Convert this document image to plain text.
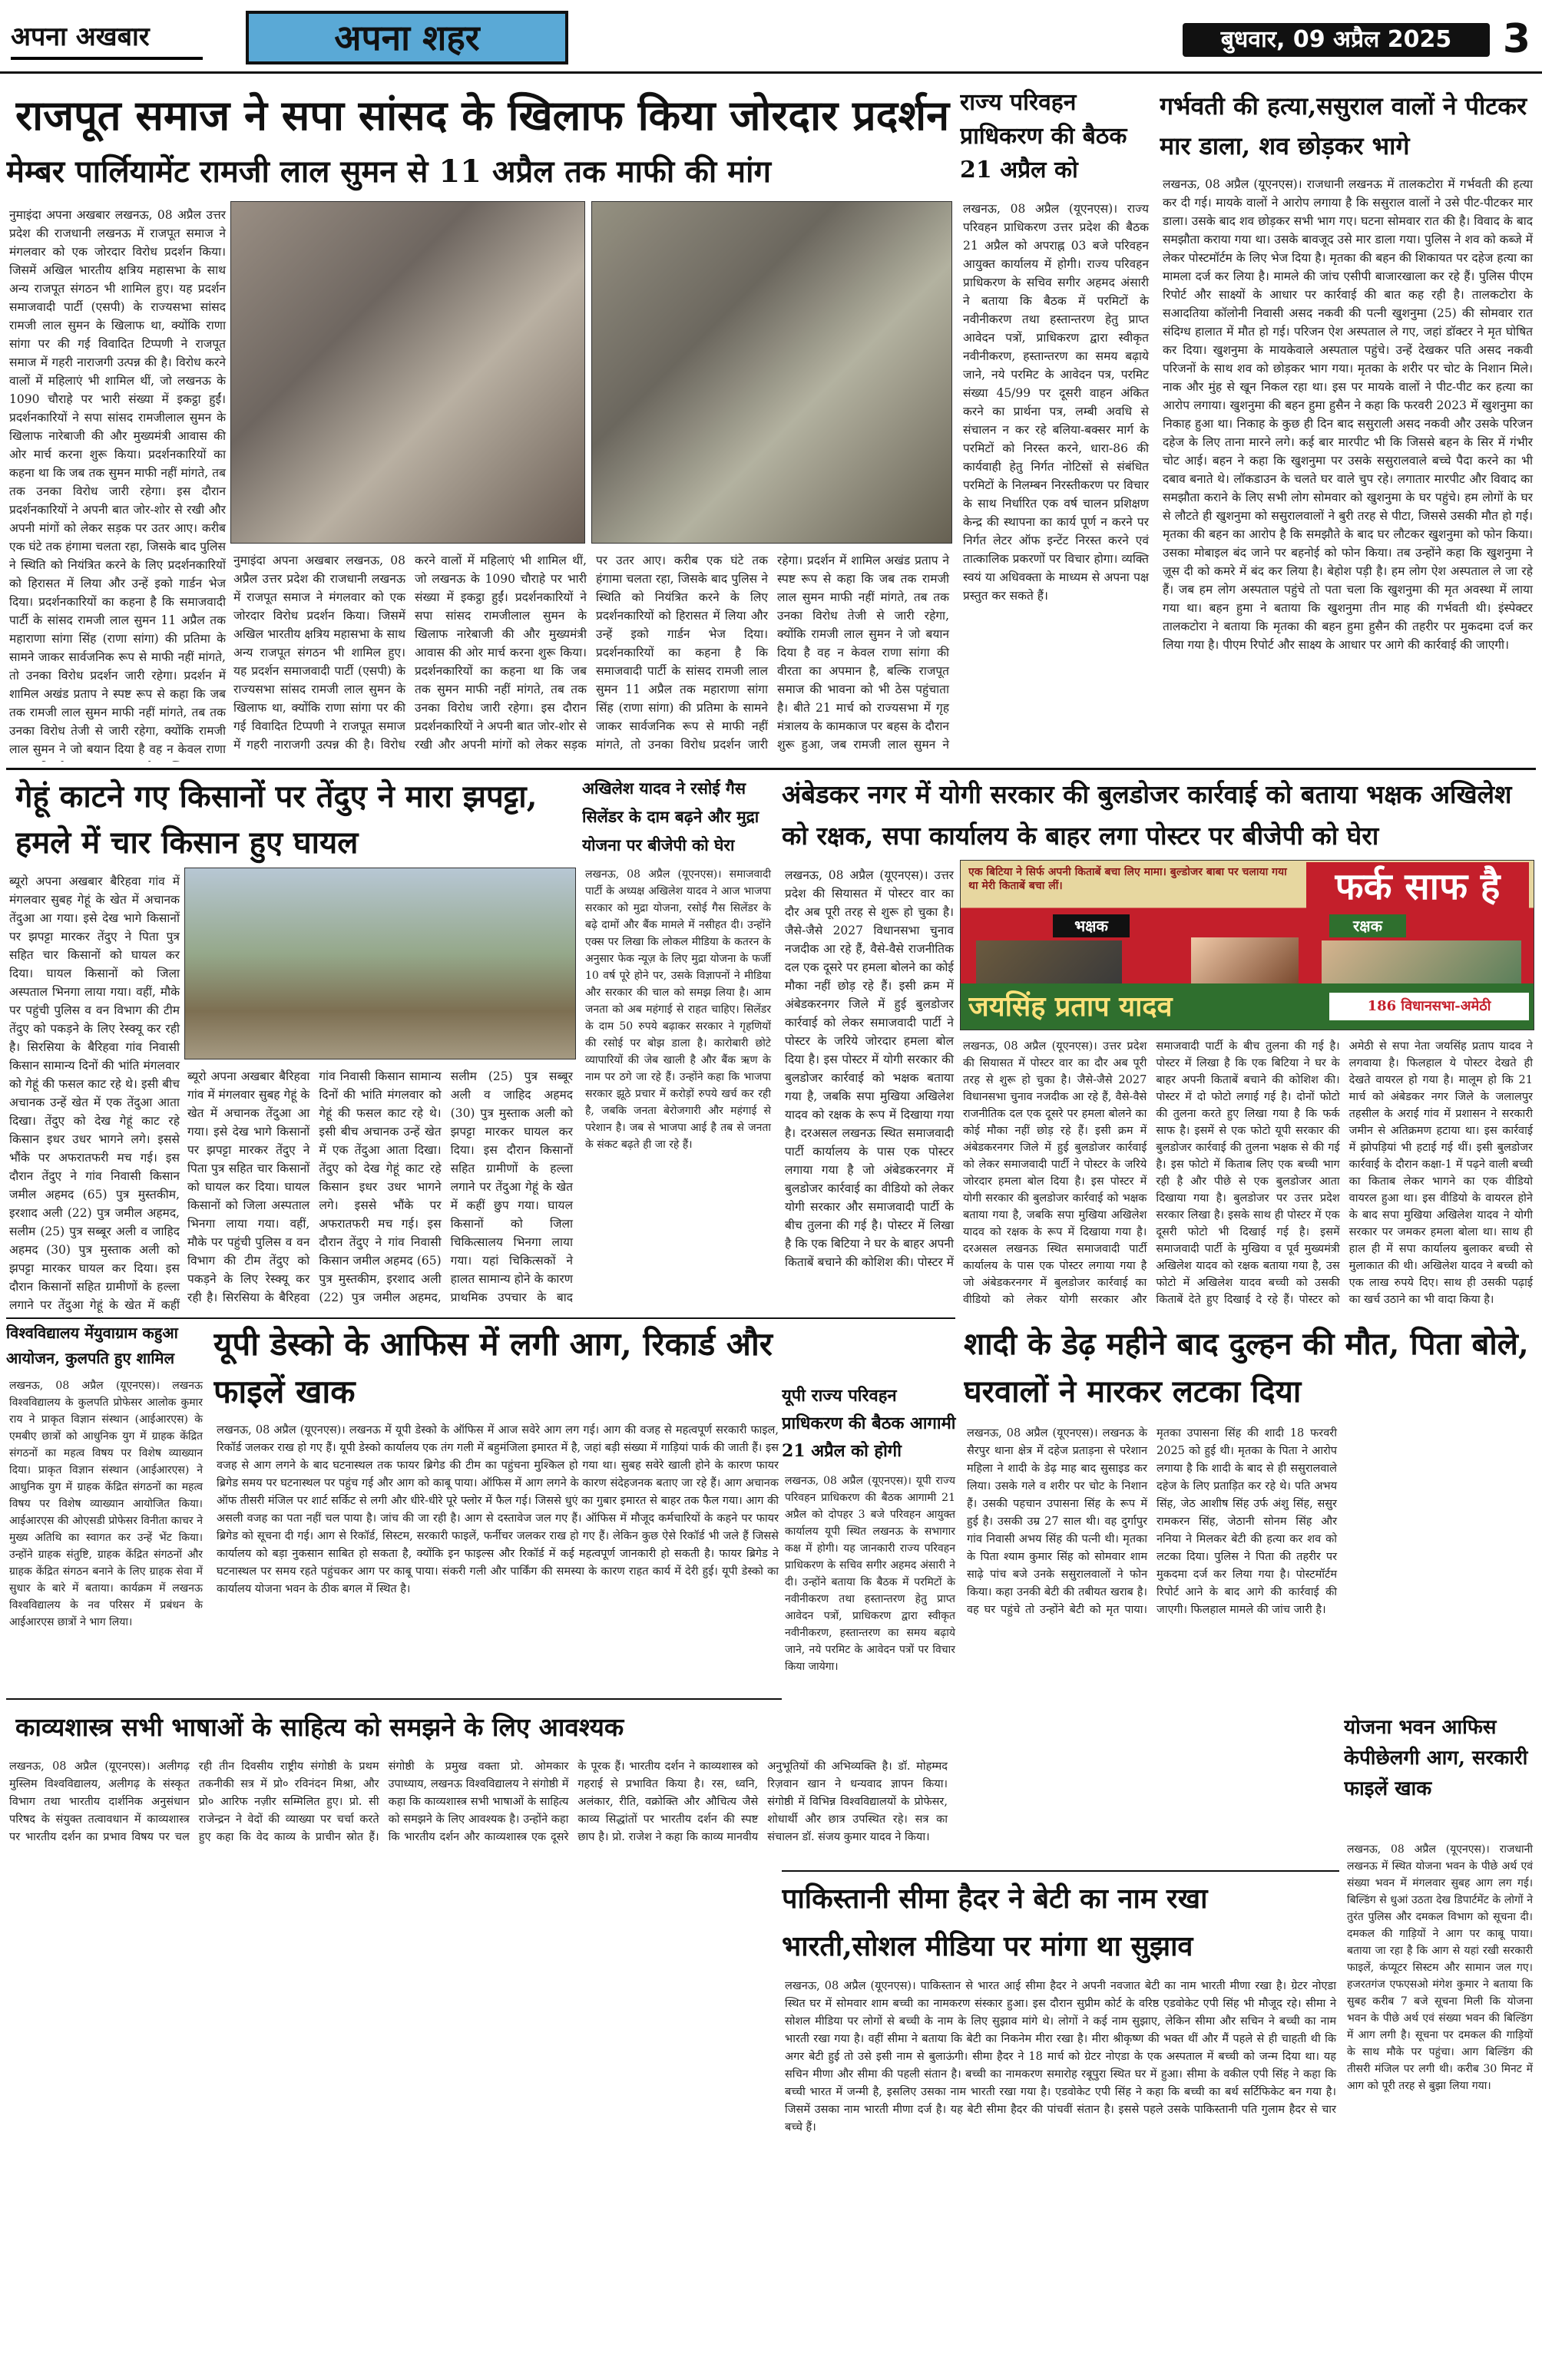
अपना अखबार	अपना शहर	बुधवार, 09 अप्रैल 2025	3
राजपूत समाज ने सपा सांसद के खिलाफ किया जोरदार प्रदर्शन
मेम्बर पार्लियामेंट रामजी लाल सुमन से 11 अप्रैल तक माफी की मांग
नुमाइंदा अपना अखबार लखनऊ, 08 अप्रैल उत्तर प्रदेश की राजधानी लखनऊ में राजपूत समाज ने मंगलवार को एक जोरदार विरोध प्रदर्शन किया। जिसमें अखिल भारतीय क्षत्रिय महासभा के साथ अन्य राजपूत संगठन भी शामिल हुए। यह प्रदर्शन समाजवादी पार्टी (एसपी) के राज्यसभा सांसद रामजी लाल सुमन के खिलाफ था, क्योंकि राणा सांगा पर की गई विवादित टिप्पणी ने राजपूत समाज में गहरी नाराजगी उत्पन्न की है। विरोध करने वालों में महिलाएं भी शामिल थीं, जो लखनऊ के 1090 चौराहे पर भारी संख्या में इकट्ठा हुईं। प्रदर्शनकारियों ने सपा सांसद रामजीलाल सुमन के खिलाफ नारेबाजी की और मुख्यमंत्री आवास की ओर मार्च करना शुरू किया। प्रदर्शनकारियों का कहना था कि जब तक सुमन माफी नहीं मांगते, तब तक उनका विरोध जारी रहेगा। इस दौरान प्रदर्शनकारियों ने अपनी बात जोर-शोर से रखी और अपनी मांगों को लेकर सड़क पर उतर आए। करीब एक घंटे तक हंगामा चलता रहा, जिसके बाद पुलिस ने स्थिति को नियंत्रित करने के लिए प्रदर्शनकारियों को हिरासत में लिया और उन्हें इको गार्डन भेज दिया। प्रदर्शनकारियों का कहना है कि समाजवादी पार्टी के सांसद रामजी लाल सुमन 11 अप्रैल तक महाराणा सांगा सिंह (राणा सांगा) की प्रतिमा के सामने जाकर सार्वजनिक रूप से माफी नहीं मांगते, तो उनका विरोध प्रदर्शन जारी रहेगा। प्रदर्शन में शामिल अखंड प्रताप ने स्पष्ट रूप से कहा कि जब तक रामजी लाल सुमन माफी नहीं मांगते, तब तक उनका विरोध तेजी से जारी रहेगा, क्योंकि रामजी लाल सुमन ने जो बयान दिया है वह न केवल राणा
नुमाइंदा अपना अखबार लखनऊ, 08 अप्रैल उत्तर प्रदेश की राजधानी लखनऊ में राजपूत समाज ने मंगलवार को एक जोरदार विरोध प्रदर्शन किया। जिसमें अखिल भारतीय क्षत्रिय महासभा के साथ अन्य राजपूत संगठन भी शामिल हुए। यह प्रदर्शन समाजवादी पार्टी (एसपी) के राज्यसभा सांसद रामजी लाल सुमन के खिलाफ था, क्योंकि राणा सांगा पर की गई विवादित टिप्पणी ने राजपूत समाज में गहरी नाराजगी उत्पन्न की है। विरोध करने वालों में महिलाएं भी शामिल थीं, जो लखनऊ के 1090 चौराहे पर भारी संख्या में इकट्ठा हुईं। प्रदर्शनकारियों ने सपा सांसद रामजीलाल सुमन के खिलाफ नारेबाजी की और मुख्यमंत्री आवास की ओर मार्च करना शुरू किया। प्रदर्शनकारियों का कहना था कि जब तक सुमन माफी नहीं मांगते, तब तक उनका विरोध जारी रहेगा। इस दौरान प्रदर्शनकारियों ने अपनी बात जोर-शोर से रखी और अपनी मांगों को लेकर सड़क पर उतर आए। करीब एक घंटे तक हंगामा चलता रहा, जिसके बाद पुलिस ने स्थिति को नियंत्रित करने के लिए प्रदर्शनकारियों को हिरासत में लिया और उन्हें इको गार्डन भेज दिया। प्रदर्शनकारियों का कहना है कि समाजवादी पार्टी के सांसद रामजी लाल सुमन 11 अप्रैल तक महाराणा सांगा सिंह (राणा सांगा) की प्रतिमा के सामने जाकर सार्वजनिक रूप से माफी नहीं मांगते, तो उनका विरोध प्रदर्शन जारी रहेगा। प्रदर्शन में शामिल अखंड प्रताप ने स्पष्ट रूप से कहा कि जब तक रामजी लाल सुमन माफी नहीं मांगते, तब तक उनका विरोध तेजी से जारी रहेगा, क्योंकि रामजी लाल सुमन ने जो बयान दिया है वह न केवल राणा सांगा की वीरता का अपमान है, बल्कि राजपूत समाज की भावना को भी ठेस पहुंचाता है। बीते 21 मार्च को राज्यसभा में गृह मंत्रालय के कामकाज पर बहस के दौरान शुरू हुआ, जब रामजी लाल सुमन ने
राज्य परिवहन प्राधिकरण की बैठक 21 अप्रैल को
लखनऊ, 08 अप्रैल (यूएनएस)। राज्य परिवहन प्राधिकरण उत्तर प्रदेश की बैठक 21 अप्रैल को अपराह्न 03 बजे परिवहन आयुक्त कार्यालय में होगी। राज्य परिवहन प्राधिकरण के सचिव सगीर अहमद अंसारी ने बताया कि बैठक में परमिटों के नवीनीकरण तथा हस्तान्तरण हेतु प्राप्त आवेदन पत्रों, प्राधिकरण द्वारा स्वीकृत नवीनीकरण, हस्तान्तरण का समय बढ़ाये जाने, नये परमिट के आवेदन पत्र, परमिट संख्या 45/99 पर दूसरी वाहन अंकित करने का प्रार्थना पत्र, लम्बी अवधि से संचालन न कर रहे बलिया-बक्सर मार्ग के परमिटों को निरस्त करने, धारा-86 की कार्यवाही हेतु निर्गत नोटिसों से संबंधित परमिटों के निलम्बन निरस्तीकरण पर विचार के साथ निर्धारित एक वर्ष चालन प्रशिक्षण केन्द्र की स्थापना का कार्य पूर्ण न करने पर निर्गत लेटर ऑफ इन्टेंट निरस्त करने एवं तात्कालिक प्रकरणों पर विचार होगा। व्यक्ति स्वयं या अधिवक्ता के माध्यम से अपना पक्ष प्रस्तुत कर सकते हैं।
गर्भवती की हत्या,ससुराल वालों ने पीटकर मार डाला, शव छोड़कर भागे
लखनऊ, 08 अप्रैल (यूएनएस)। राजधानी लखनऊ में तालकटोरा में गर्भवती की हत्या कर दी गई। मायके वालों ने आरोप लगाया है कि ससुराल वालों ने उसे पीट-पीटकर मार डाला। उसके बाद शव छोड़कर सभी भाग गए। घटना सोमवार रात की है। विवाद के बाद समझौता कराया गया था। उसके बावजूद उसे मार डाला गया। पुलिस ने शव को कब्जे में लेकर पोस्टमॉर्टम के लिए भेज दिया है। मृतका की बहन की शिकायत पर दहेज हत्या का मामला दर्ज कर लिया है। मामले की जांच एसीपी बाजारखाला कर रहे हैं। पुलिस पीएम रिपोर्ट और साक्ष्यों के आधार पर कार्रवाई की बात कह रही है। तालकटोरा के सआदतिया कॉलोनी निवासी असद नकवी की पत्नी खुशनुमा (25) की सोमवार रात संदिग्ध हालात में मौत हो गई। परिजन ऐश अस्पताल ले गए, जहां डॉक्टर ने मृत घोषित कर दिया। खुशनुमा के मायकेवाले अस्पताल पहुंचे। उन्हें देखकर पति असद नकवी परिजनों के साथ शव को छोड़कर भाग गया। मृतका के शरीर पर चोट के निशान मिले। नाक और मुंह से खून निकल रहा था। इस पर मायके वालों ने पीट-पीट कर हत्या का आरोप लगाया। खुशनुमा की बहन हुमा हुसैन ने कहा कि फरवरी 2023 में खुशनुमा का निकाह हुआ था। निकाह के कुछ ही दिन बाद ससुराली असद नकवी और उसके परिजन दहेज के लिए ताना मारने लगे। कई बार मारपीट भी कि जिससे बहन के सिर में गंभीर चोट आई। बहन ने कहा कि खुशनुमा पर उसके ससुरालवाले बच्चे पैदा करने का भी दबाव बनाते थे। लॉकडाउन के चलते घर वाले चुप रहे। लगातार मारपीट और विवाद का समझौता कराने के लिए सभी लोग सोमवार को खुशनुमा के घर पहुंचे। हम लोगों के घर से लौटते ही खुशनुमा को ससुरालवालों ने बुरी तरह से पीटा, जिससे उसकी मौत हो गई। मृतका की बहन का आरोप है कि समझौते के बाद घर लौटकर खुशनुमा को फोन किया। उसका मोबाइल बंद जाने पर बहनोई को फोन किया। तब उन्होंने कहा कि खुशनुमा ने ज़ूस दी को कमरे में बंद कर लिया है। बेहोश पड़ी है। हम लोग ऐश अस्पताल ले जा रहे हैं। जब हम लोग अस्पताल पहुंचे तो पता चला कि खुशनुमा की मृत अवस्था में लाया गया था। बहन हुमा ने बताया कि खुशनुमा तीन माह की गर्भवती थी। इंस्पेक्टर तालकटोरा ने बताया कि मृतका की बहन हुमा हुसैन की तहरीर पर मुकदमा दर्ज कर लिया गया है। पीएम रिपोर्ट और साक्ष्य के आधार पर आगे की कार्रवाई की जाएगी।
गेहूं काटने गए किसानों पर तेंदुए ने मारा झपट्टा, हमले में चार किसान हुए घायल
ब्यूरो अपना अखबार बैरिहवा गांव में मंगलवार सुबह गेहूं के खेत में अचानक तेंदुआ आ गया। इसे देख भागे किसानों पर झपट्टा मारकर तेंदुए ने पिता पुत्र सहित चार किसानों को घायल कर दिया। घायल किसानों को जिला अस्पताल भिनगा लाया गया। वहीं, मौके पर पहुंची पुलिस व वन विभाग की टीम तेंदुए को पकड़ने के लिए रेस्क्यू कर रही है। सिरसिया के बैरिहवा गांव निवासी किसान सामान्य दिनों की भांति मंगलवार को गेहूं की फसल काट रहे थे। इसी बीच अचानक उन्हें खेत में एक तेंदुआ आता दिखा। तेंदुए को देख गेहूं काट रहे किसान इधर उधर भागने लगे। इससे भौंके पर अफरातफरी मच गई। इस दौरान तेंदुए ने गांव निवासी किसान जमील अहमद (65) पुत्र मुस्तकीम, इरशाद अली (22) पुत्र जमील अहमद, सलीम (25) पुत्र सब्बूर अली व जाहिद अहमद (30) पुत्र मुस्ताक अली को झपट्टा मारकर घायल कर दिया। इस दौरान किसानों सहित ग्रामीणों के हल्ला लगाने पर तेंदुआ गेहूं के खेत में कहीं
ब्यूरो अपना अखबार बैरिहवा गांव में मंगलवार सुबह गेहूं के खेत में अचानक तेंदुआ आ गया। इसे देख भागे किसानों पर झपट्टा मारकर तेंदुए ने पिता पुत्र सहित चार किसानों को घायल कर दिया। घायल किसानों को जिला अस्पताल भिनगा लाया गया। वहीं, मौके पर पहुंची पुलिस व वन विभाग की टीम तेंदुए को पकड़ने के लिए रेस्क्यू कर रही है। सिरसिया के बैरिहवा गांव निवासी किसान सामान्य दिनों की भांति मंगलवार को गेहूं की फसल काट रहे थे। इसी बीच अचानक उन्हें खेत में एक तेंदुआ आता दिखा। तेंदुए को देख गेहूं काट रहे किसान इधर उधर भागने लगे। इससे भौंके पर अफरातफरी मच गई। इस दौरान तेंदुए ने गांव निवासी किसान जमील अहमद (65) पुत्र मुस्तकीम, इरशाद अली (22) पुत्र जमील अहमद, सलीम (25) पुत्र सब्बूर अली व जाहिद अहमद (30) पुत्र मुस्ताक अली को झपट्टा मारकर घायल कर दिया। इस दौरान किसानों सहित ग्रामीणों के हल्ला लगाने पर तेंदुआ गेहूं के खेत में कहीं छुप गया। घायल किसानों को जिला चिकित्सालय भिनगा लाया गया। यहां चिकित्सकों ने हालत सामान्य होने के कारण प्राथमिक उपचार के बाद
अखिलेश यादव ने रसोई गैस सिलेंडर के दाम बढ़ने और मुद्रा योजना पर बीजेपी को घेरा
लखनऊ, 08 अप्रैल (यूएनएस)। समाजवादी पार्टी के अध्यक्ष अखिलेश यादव ने आज भाजपा सरकार को मुद्रा योजना, रसोई गैस सिलेंडर के बढ़े दामों और बैंक मामले में नसीहत दी। उन्होंने एक्स पर लिखा कि लोकल मीडिया के कतरन के अनुसार फेक न्यूज़ के लिए मुद्रा योजना के फर्जी 10 वर्ष पूरे होने पर, उसके विज्ञापनों ने मीडिया और सरकार की चाल को समझ लिया है। आम जनता को अब महंगाई से राहत चाहिए। सिलेंडर के दाम 50 रुपये बढ़ाकर सरकार ने गृहणियों की रसोई पर बोझ डाला है। कारोबारी छोटे व्यापारियों की जेब खाली है और बैंक ऋण के नाम पर ठगे जा रहे हैं। उन्होंने कहा कि भाजपा सरकार झूठे प्रचार में करोड़ों रुपये खर्च कर रही है, जबकि जनता बेरोजगारी और महंगाई से परेशान है। जब से भाजपा आई है तब से जनता के संकट बढ़ते ही जा रहे हैं।
अंबेडकर नगर में योगी सरकार की बुलडोजर कार्रवाई को बताया भक्षक अखिलेश को रक्षक, सपा कार्यालय के बाहर लगा पोस्टर पर बीजेपी को घेरा
लखनऊ, 08 अप्रैल (यूएनएस)। उत्तर प्रदेश की सियासत में पोस्टर वार का दौर अब पूरी तरह से शुरू हो चुका है। जैसे-जैसे 2027 विधानसभा चुनाव नजदीक आ रहे हैं, वैसे-वैसे राजनीतिक दल एक दूसरे पर हमला बोलने का कोई मौका नहीं छोड़ रहे हैं। इसी क्रम में अंबेडकरनगर जिले में हुई बुलडोजर कार्रवाई को लेकर समाजवादी पार्टी ने पोस्टर के जरिये जोरदार हमला बोल दिया है। इस पोस्टर में योगी सरकार की बुलडोजर कार्रवाई को भक्षक बताया गया है, जबकि सपा मुखिया अखिलेश यादव को रक्षक के रूप में दिखाया गया है। दरअसल लखनऊ स्थित समाजवादी पार्टी कार्यालय के पास एक पोस्टर लगाया गया है जो अंबेडकरनगर में बुलडोजर कार्रवाई का वीडियो को लेकर योगी सरकार और समाजवादी पार्टी के बीच तुलना की गई है। पोस्टर में लिखा है कि एक बिटिया ने घर के बाहर अपनी किताबें बचाने की कोशिश की। पोस्टर में
एक बिटिया ने सिर्फ अपनी किताबें बचा लिए मामा। बुल्डोजर बाबा पर चलाया गया था मेरी किताबें बचा लीं।	फर्क साफ है
भक्षक	रक्षक
जयसिंह प्रताप यादव	186 विधानसभा-अमेठी
लखनऊ, 08 अप्रैल (यूएनएस)। उत्तर प्रदेश की सियासत में पोस्टर वार का दौर अब पूरी तरह से शुरू हो चुका है। जैसे-जैसे 2027 विधानसभा चुनाव नजदीक आ रहे हैं, वैसे-वैसे राजनीतिक दल एक दूसरे पर हमला बोलने का कोई मौका नहीं छोड़ रहे हैं। इसी क्रम में अंबेडकरनगर जिले में हुई बुलडोजर कार्रवाई को लेकर समाजवादी पार्टी ने पोस्टर के जरिये जोरदार हमला बोल दिया है। इस पोस्टर में योगी सरकार की बुलडोजर कार्रवाई को भक्षक बताया गया है, जबकि सपा मुखिया अखिलेश यादव को रक्षक के रूप में दिखाया गया है। दरअसल लखनऊ स्थित समाजवादी पार्टी कार्यालय के पास एक पोस्टर लगाया गया है जो अंबेडकरनगर में बुलडोजर कार्रवाई का वीडियो को लेकर योगी सरकार और समाजवादी पार्टी के बीच तुलना की गई है। पोस्टर में लिखा है कि एक बिटिया ने घर के बाहर अपनी किताबें बचाने की कोशिश की। पोस्टर में दो फोटो लगाई गई है। दोनों फोटो की तुलना करते हुए लिखा गया है कि फर्क साफ है। इसमें से एक फोटो यूपी सरकार की बुलडोजर कार्रवाई की तुलना भक्षक से की गई है। इस फोटो में किताब लिए एक बच्ची भाग रही है और पीछे से एक बुलडोजर आता दिखाया गया है। बुलडोजर पर उत्तर प्रदेश सरकार लिखा है। इसके साथ ही पोस्टर में एक दूसरी फोटो भी दिखाई गई है। इसमें समाजवादी पार्टी के मुखिया व पूर्व मुख्यमंत्री अखिलेश यादव को रक्षक बताया गया है, उस फोटो में अखिलेश यादव बच्ची को उसकी किताबें देते हुए दिखाई दे रहे हैं। पोस्टर को अमेठी से सपा नेता जयसिंह प्रताप यादव ने लगवाया है। फिलहाल ये पोस्टर देखते ही देखते वायरल हो गया है। मालूम हो कि 21 मार्च को अंबेडकर नगर जिले के जलालपुर तहसील के अराई गांव में प्रशासन ने सरकारी जमीन से अतिक्रमण हटाया था। इस कार्रवाई में झोपड़ियां भी हटाई गई थीं। इसी बुलडोजर कार्रवाई के दौरान कक्षा-1 में पढ़ने वाली बच्ची का किताब लेकर भागने का एक वीडियो वायरल हुआ था। इस वीडियो के वायरल होने के बाद सपा मुखिया अखिलेश यादव ने योगी सरकार पर जमकर हमला बोला था। साथ ही हाल ही में सपा कार्यालय बुलाकर बच्ची से मुलाकात की थी। अखिलेश यादव ने बच्ची को एक लाख रुपये दिए। साथ ही उसकी पढ़ाई का खर्च उठाने का भी वादा किया है।
विश्वविद्यालय मेंयुवाग्राम कहुआ आयोजन, कुलपति हुए शामिल
लखनऊ, 08 अप्रैल (यूएनएस)। लखनऊ विश्वविद्यालय के कुलपति प्रोफेसर आलोक कुमार राय ने प्राकृत विज्ञान संस्थान (आईआरएस) के एमबीए छात्रों को आधुनिक युग में ग्राहक केंद्रित संगठनों का महत्व विषय पर विशेष व्याख्यान दिया। प्राकृत विज्ञान संस्थान (आईआरएस) ने आधुनिक युग में ग्राहक केंद्रित संगठनों का महत्व विषय पर विशेष व्याख्यान आयोजित किया। आईआरएस की ओएसडी प्रोफेसर विनीता काचर ने मुख्य अतिथि का स्वागत कर उन्हें भेंट किया। उन्होंने ग्राहक संतुष्टि, ग्राहक केंद्रित संगठनों और ग्राहक केंद्रित संगठन बनाने के लिए ग्राहक सेवा में सुधार के बारे में बताया। कार्यक्रम में लखनऊ विश्वविद्यालय के नव परिसर में प्रबंधन के आईआरएस छात्रों ने भाग लिया।
यूपी डेस्को के आफिस में लगी आग, रिकार्ड और फाइलें खाक
लखनऊ, 08 अप्रैल (यूएनएस)। लखनऊ में यूपी डेस्को के ऑफिस में आज सवेरे आग लग गई। आग की वजह से महत्वपूर्ण सरकारी फाइल, रिकॉर्ड जलकर राख हो गए हैं। यूपी डेस्को कार्यालय एक तंग गली में बहुमंजिला इमारत में है, जहां बड़ी संख्या में गाड़ियां पार्क की जाती हैं। इस वजह से आग लगने के बाद घटनास्थल तक फायर ब्रिगेड की टीम का पहुंचना मुश्किल हो गया था। सुबह सवेरे खाली होने के कारण फायर ब्रिगेड समय पर घटनास्थल पर पहुंच गई और आग को काबू पाया। ऑफिस में आग लगने के कारण संदेहजनक बताए जा रहे हैं। आग अचानक ऑफ तीसरी मंजिल पर शार्ट सर्किट से लगी और धीरे-धीरे पूरे फ्लोर में फैल गई। जिससे धुएं का गुबार इमारत से बाहर तक फैल गया। आग की असली वजह का पता नहीं चल पाया है। जांच की जा रही है। आग से दस्तावेज जल गए हैं। ऑफिस में मौजूद कर्मचारियों के कहने पर फायर ब्रिगेड को सूचना दी गई। आग से रिकॉर्ड, सिस्टम, सरकारी फाइलें, फर्नीचर जलकर राख हो गए हैं। लेकिन कुछ ऐसे रिकॉर्ड भी जले हैं जिससे कार्यालय को बड़ा नुकसान साबित हो सकता है, क्योंकि इन फाइल्स और रिकॉर्ड में कई महत्वपूर्ण जानकारी हो सकती है। फायर ब्रिगेड ने घटनास्थल पर समय रहते पहुंचकर आग पर काबू पाया। संकरी गली और पार्किंग की समस्या के कारण राहत कार्य में देरी हुई। यूपी डेस्को का कार्यालय योजना भवन के ठीक बगल में स्थित है।
यूपी राज्य परिवहन प्राधिकरण की बैठक आगामी 21 अप्रैल को होगी
लखनऊ, 08 अप्रैल (यूएनएस)। यूपी राज्य परिवहन प्राधिकरण की बैठक आगामी 21 अप्रैल को दोपहर 3 बजे परिवहन आयुक्त कार्यालय यूपी स्थित लखनऊ के सभागार कक्ष में होगी। यह जानकारी राज्य परिवहन प्राधिकरण के सचिव सगीर अहमद अंसारी ने दी। उन्होंने बताया कि बैठक में परमिटों के नवीनीकरण तथा हस्तान्तरण हेतु प्राप्त आवेदन पत्रों, प्राधिकरण द्वारा स्वीकृत नवीनीकरण, हस्तान्तरण का समय बढ़ाये जाने, नये परमिट के आवेदन पत्रों पर विचार किया जायेगा।
शादी के डेढ़ महीने बाद दुल्हन की मौत, पिता बोले, घरवालों ने मारकर लटका दिया
लखनऊ, 08 अप्रैल (यूएनएस)। लखनऊ के सैरपुर थाना क्षेत्र में दहेज प्रताड़ना से परेशान महिला ने शादी के डेढ़ माह बाद सुसाइड कर लिया। उसके गले व शरीर पर चोट के निशान हैं। उसकी पहचान उपासना सिंह के रूप में हुई है। उसकी उम्र 27 साल थी। वह दुर्गापुर गांव निवासी अभय सिंह की पत्नी थी। मृतका के पिता श्याम कुमार सिंह को सोमवार शाम साढ़े पांच बजे उनके ससुरालवालों ने फोन किया। कहा उनकी बेटी की तबीयत खराब है। वह घर पहुंचे तो उन्होंने बेटी को मृत पाया। मृतका उपासना सिंह की शादी 18 फरवरी 2025 को हुई थी। मृतका के पिता ने आरोप लगाया है कि शादी के बाद से ही ससुरालवाले दहेज के लिए प्रताड़ित कर रहे थे। पति अभय सिंह, जेठ आशीष सिंह उर्फ अंशु सिंह, ससुर रामकरन सिंह, जेठानी सोनम सिंह और ननिया ने मिलकर बेटी की हत्या कर शव को लटका दिया। पुलिस ने पिता की तहरीर पर मुकदमा दर्ज कर लिया गया है। पोस्टमॉर्टम रिपोर्ट आने के बाद आगे की कार्रवाई की जाएगी। फिलहाल मामले की जांच जारी है।
योजना भवन आफिस केपीछेलगी आग, सरकारी फाइलें खाक
लखनऊ, 08 अप्रैल (यूएनएस)। राजधानी लखनऊ में स्थित योजना भवन के पीछे अर्थ एवं संख्या भवन में मंगलवार सुबह आग लग गई। बिल्डिंग से धुआं उठता देख डिपार्टमेंट के लोगों ने तुरंत पुलिस और दमकल विभाग को सूचना दी। दमकल की गाड़ियों ने आग पर काबू पाया। बताया जा रहा है कि आग से यहां रखी सरकारी फाइलें, कंप्यूटर सिस्टम और सामान जल गए। हजरतगंज एफएसओ मंगेश कुमार ने बताया कि सुबह करीब 7 बजे सूचना मिली कि योजना भवन के पीछे अर्थ एवं संख्या भवन की बिल्डिंग में आग लगी है। सूचना पर दमकल की गाड़ियों के साथ मौके पर पहुंचा। आग बिल्डिंग की तीसरी मंजिल पर लगी थी। करीब 30 मिनट में आग को पूरी तरह से बुझा लिया गया।
काव्यशास्त्र सभी भाषाओं के साहित्य को समझने के लिए आवश्यक
लखनऊ, 08 अप्रैल (यूएनएस)। अलीगढ़ मुस्लिम विश्वविद्यालय, अलीगढ़ के संस्कृत विभाग तथा भारतीय दार्शनिक अनुसंधान परिषद के संयुक्त तत्वावधान में काव्यशास्त्र पर भारतीय दर्शन का प्रभाव विषय पर चल रही तीन दिवसीय राष्ट्रीय संगोष्ठी के प्रथम तकनीकी सत्र में प्रो० रविनंदन मिश्रा, और प्रो० आरिफ नज़ीर सम्मिलित हुए। प्रो. सी राजेन्द्रन ने वेदों की व्याख्या पर चर्चा करते हुए कहा कि वेद काव्य के प्राचीन स्रोत हैं। संगोष्ठी के प्रमुख वक्ता प्रो. ओमकार उपाध्याय, लखनऊ विश्वविद्यालय ने संगोष्ठी में कहा कि काव्यशास्त्र सभी भाषाओं के साहित्य को समझने के लिए आवश्यक है। उन्होंने कहा कि भारतीय दर्शन और काव्यशास्त्र एक दूसरे के पूरक हैं। भारतीय दर्शन ने काव्यशास्त्र को गहराई से प्रभावित किया है। रस, ध्वनि, अलंकार, रीति, वक्रोक्ति और औचित्य जैसे काव्य सिद्धांतों पर भारतीय दर्शन की स्पष्ट छाप है। प्रो. राजेश ने कहा कि काव्य मानवीय अनुभूतियों की अभिव्यक्ति है। डॉ. मोहम्मद रिज़वान खान ने धन्यवाद ज्ञापन किया। संगोष्ठी में विभिन्न विश्वविद्यालयों के प्रोफेसर, शोधार्थी और छात्र उपस्थित रहे। सत्र का संचालन डॉ. संजय कुमार यादव ने किया।
पाकिस्तानी सीमा हैदर ने बेटी का नाम रखा भारती,सोशल मीडिया पर मांगा था सुझाव
लखनऊ, 08 अप्रैल (यूएनएस)। पाकिस्तान से भारत आई सीमा हैदर ने अपनी नवजात बेटी का नाम भारती मीणा रखा है। ग्रेटर नोएडा स्थित घर में सोमवार शाम बच्ची का नामकरण संस्कार हुआ। इस दौरान सुप्रीम कोर्ट के वरिष्ठ एडवोकेट एपी सिंह भी मौजूद रहे। सीमा ने सोशल मीडिया पर लोगों से बच्ची के नाम के लिए सुझाव मांगे थे। लोगों ने कई नाम सुझाए, लेकिन सीमा और सचिन ने बच्ची का नाम भारती रखा गया है। वहीं सीमा ने बताया कि बेटी का निकनेम मीरा रखा है। मीरा श्रीकृष्ण की भक्त थीं और मैं पहले से ही चाहती थी कि अगर बेटी हुई तो उसे इसी नाम से बुलाऊंगी। सीमा हैदर ने 18 मार्च को ग्रेटर नोएडा के एक अस्पताल में बच्ची को जन्म दिया था। यह सचिन मीणा और सीमा की पहली संतान है। बच्ची का नामकरण समारोह रबूपुरा स्थित घर में हुआ। सीमा के वकील एपी सिंह ने कहा कि बच्ची भारत में जन्मी है, इसलिए उसका नाम भारती रखा गया है। एडवोकेट एपी सिंह ने कहा कि बच्ची का बर्थ सर्टिफिकेट बन गया है। जिसमें उसका नाम भारती मीणा दर्ज है। यह बेटी सीमा हैदर की पांचवीं संतान है। इससे पहले उसके पाकिस्तानी पति गुलाम हैदर से चार बच्चे हैं।
